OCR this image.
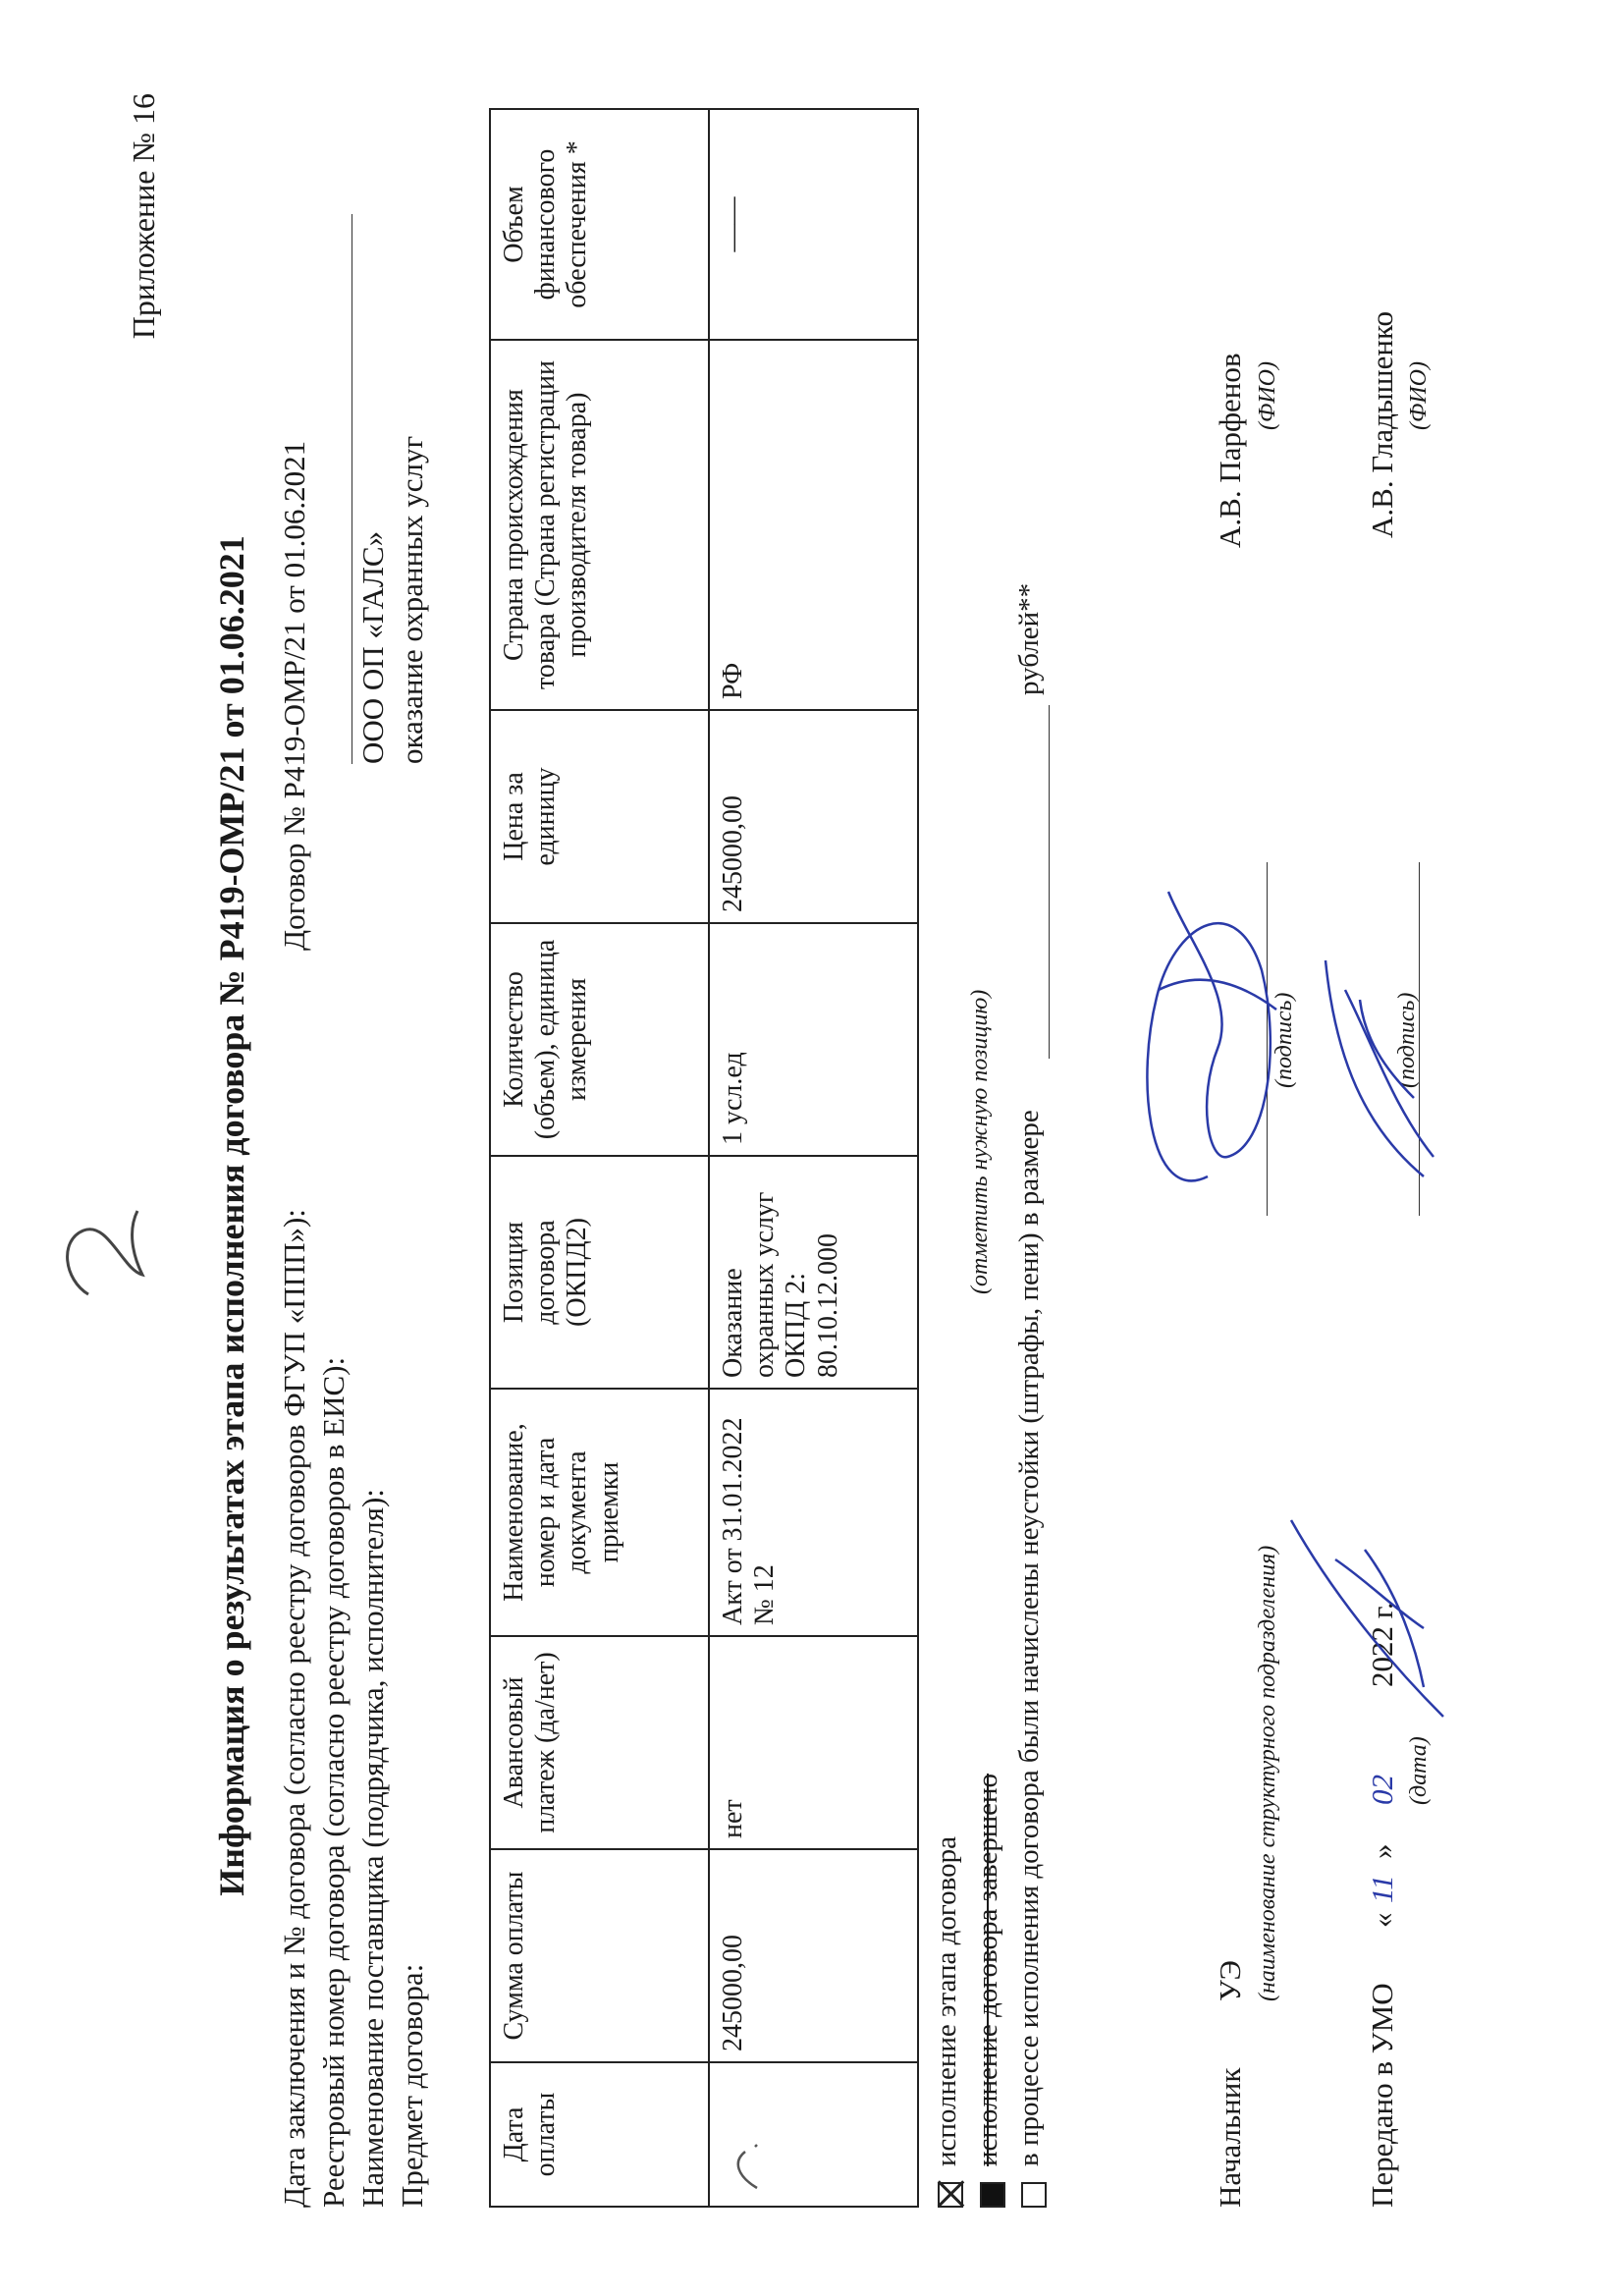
Приложение № 16
Информация о результатах этапа исполнения договора № Р419-ОМР/21 от 01.06.2021 Дата заключения и № договора (согласно реестру договоров ФГУП «ППП»):
Договор № Р419-ОМР/21 от 01.06.2021
Реестровый номер договора (согласно реестру договоров в ЕИС): Наименование поставщика (подрядчика, исполнителя):
ООО ОП «ГАЛС»
Предмет договора:
оказание охранных услуг
Дата оплаты	Сумма оплаты	Авансовый платеж (да/нет)	Наименование, номер и дата документа приемки	Позиция договора (ОКПД2)	Количество (объем), единица измерения	Цена за единицу	Страна происхождения товара (Страна регистрации производителя товара)	Объем финансового обеспечения *
	245000,00	нет	Акт от 31.01.2022 № 12	Оказание охранных услуг ОКПД 2: 80.10.12.000	1 усл.ед	245000,00	РФ	——
исполнение этапа договора исполнение договора завершено в процессе исполнения договора были начислены неустойки (штрафы, пени) в размере
рублей**
(отметить нужную позицию)
Начальник
УЭ (наименование структурного подразделения)
(подпись)
А.В. Парфенов (ФИО)
Передано в УМО
«
11
»
02
2022 г.
(дата)
(подпись)
А.В. Гладышенко (ФИО)
